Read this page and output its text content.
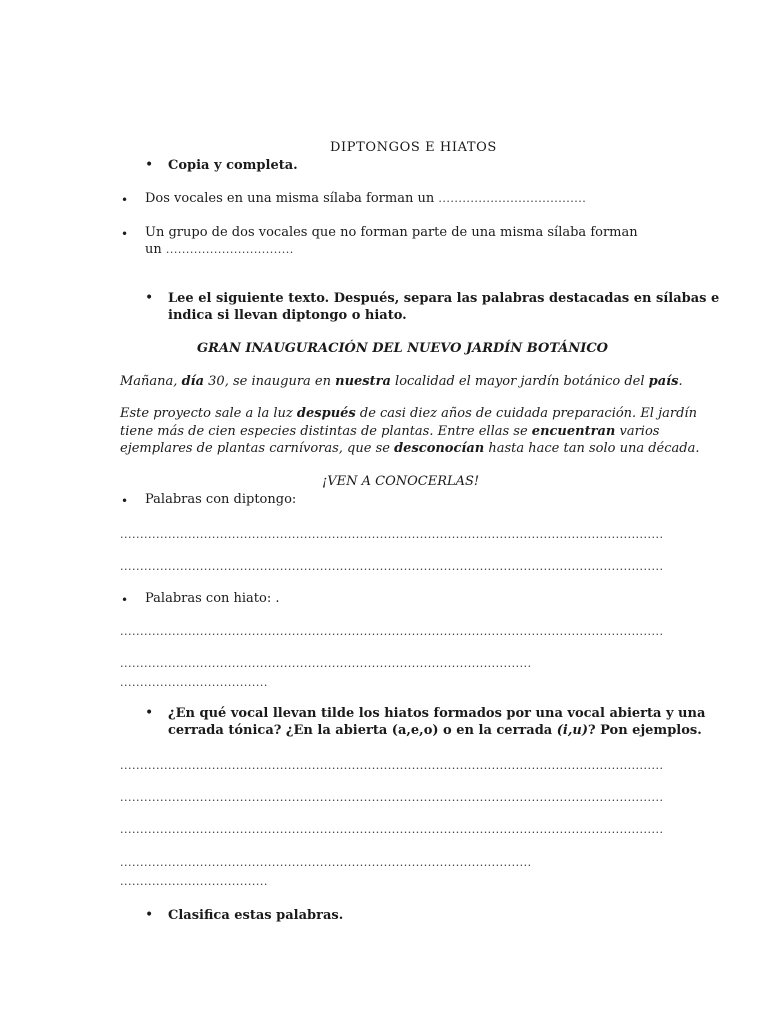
DIPTONGOS E HIATOS
• Copia y completa.
• Dos vocales en una misma sílaba forman un .....................................
• Un grupo de dos vocales que no forman parte de una misma sílaba forman
un ................................
• Lee el siguiente texto. Después, separa las palabras destacadas en sílabas e
indica si llevan diptongo o hiato.
GRAN INAUGURACIÓN DEL NUEVO JARDÍN BOTÁNICO
Mañana, día 30, se inaugura en nuestra localidad el mayor jardín botánico del país.
Este proyecto sale a la luz después de casi diez años de cuidada preparación. El jardín
tiene más de cien especies distintas de plantas. Entre ellas se encuentran varios
ejemplares de plantas carnívoras, que se desconocían hasta hace tan solo una década.
¡VEN A CONOCERLAS!
• Palabras con diptongo:
........................................................................................................................................
........................................................................................................................................
• Palabras con hiato: .
........................................................................................................................................
.......................................................................................................
.....................................
• ¿En qué vocal llevan tilde los hiatos formados por una vocal abierta y una
cerrada tónica? ¿En la abierta (a,e,o) o en la cerrada (i,u)? Pon ejemplos.
........................................................................................................................................
........................................................................................................................................
........................................................................................................................................
.......................................................................................................
.....................................
• Clasifica estas palabras.
